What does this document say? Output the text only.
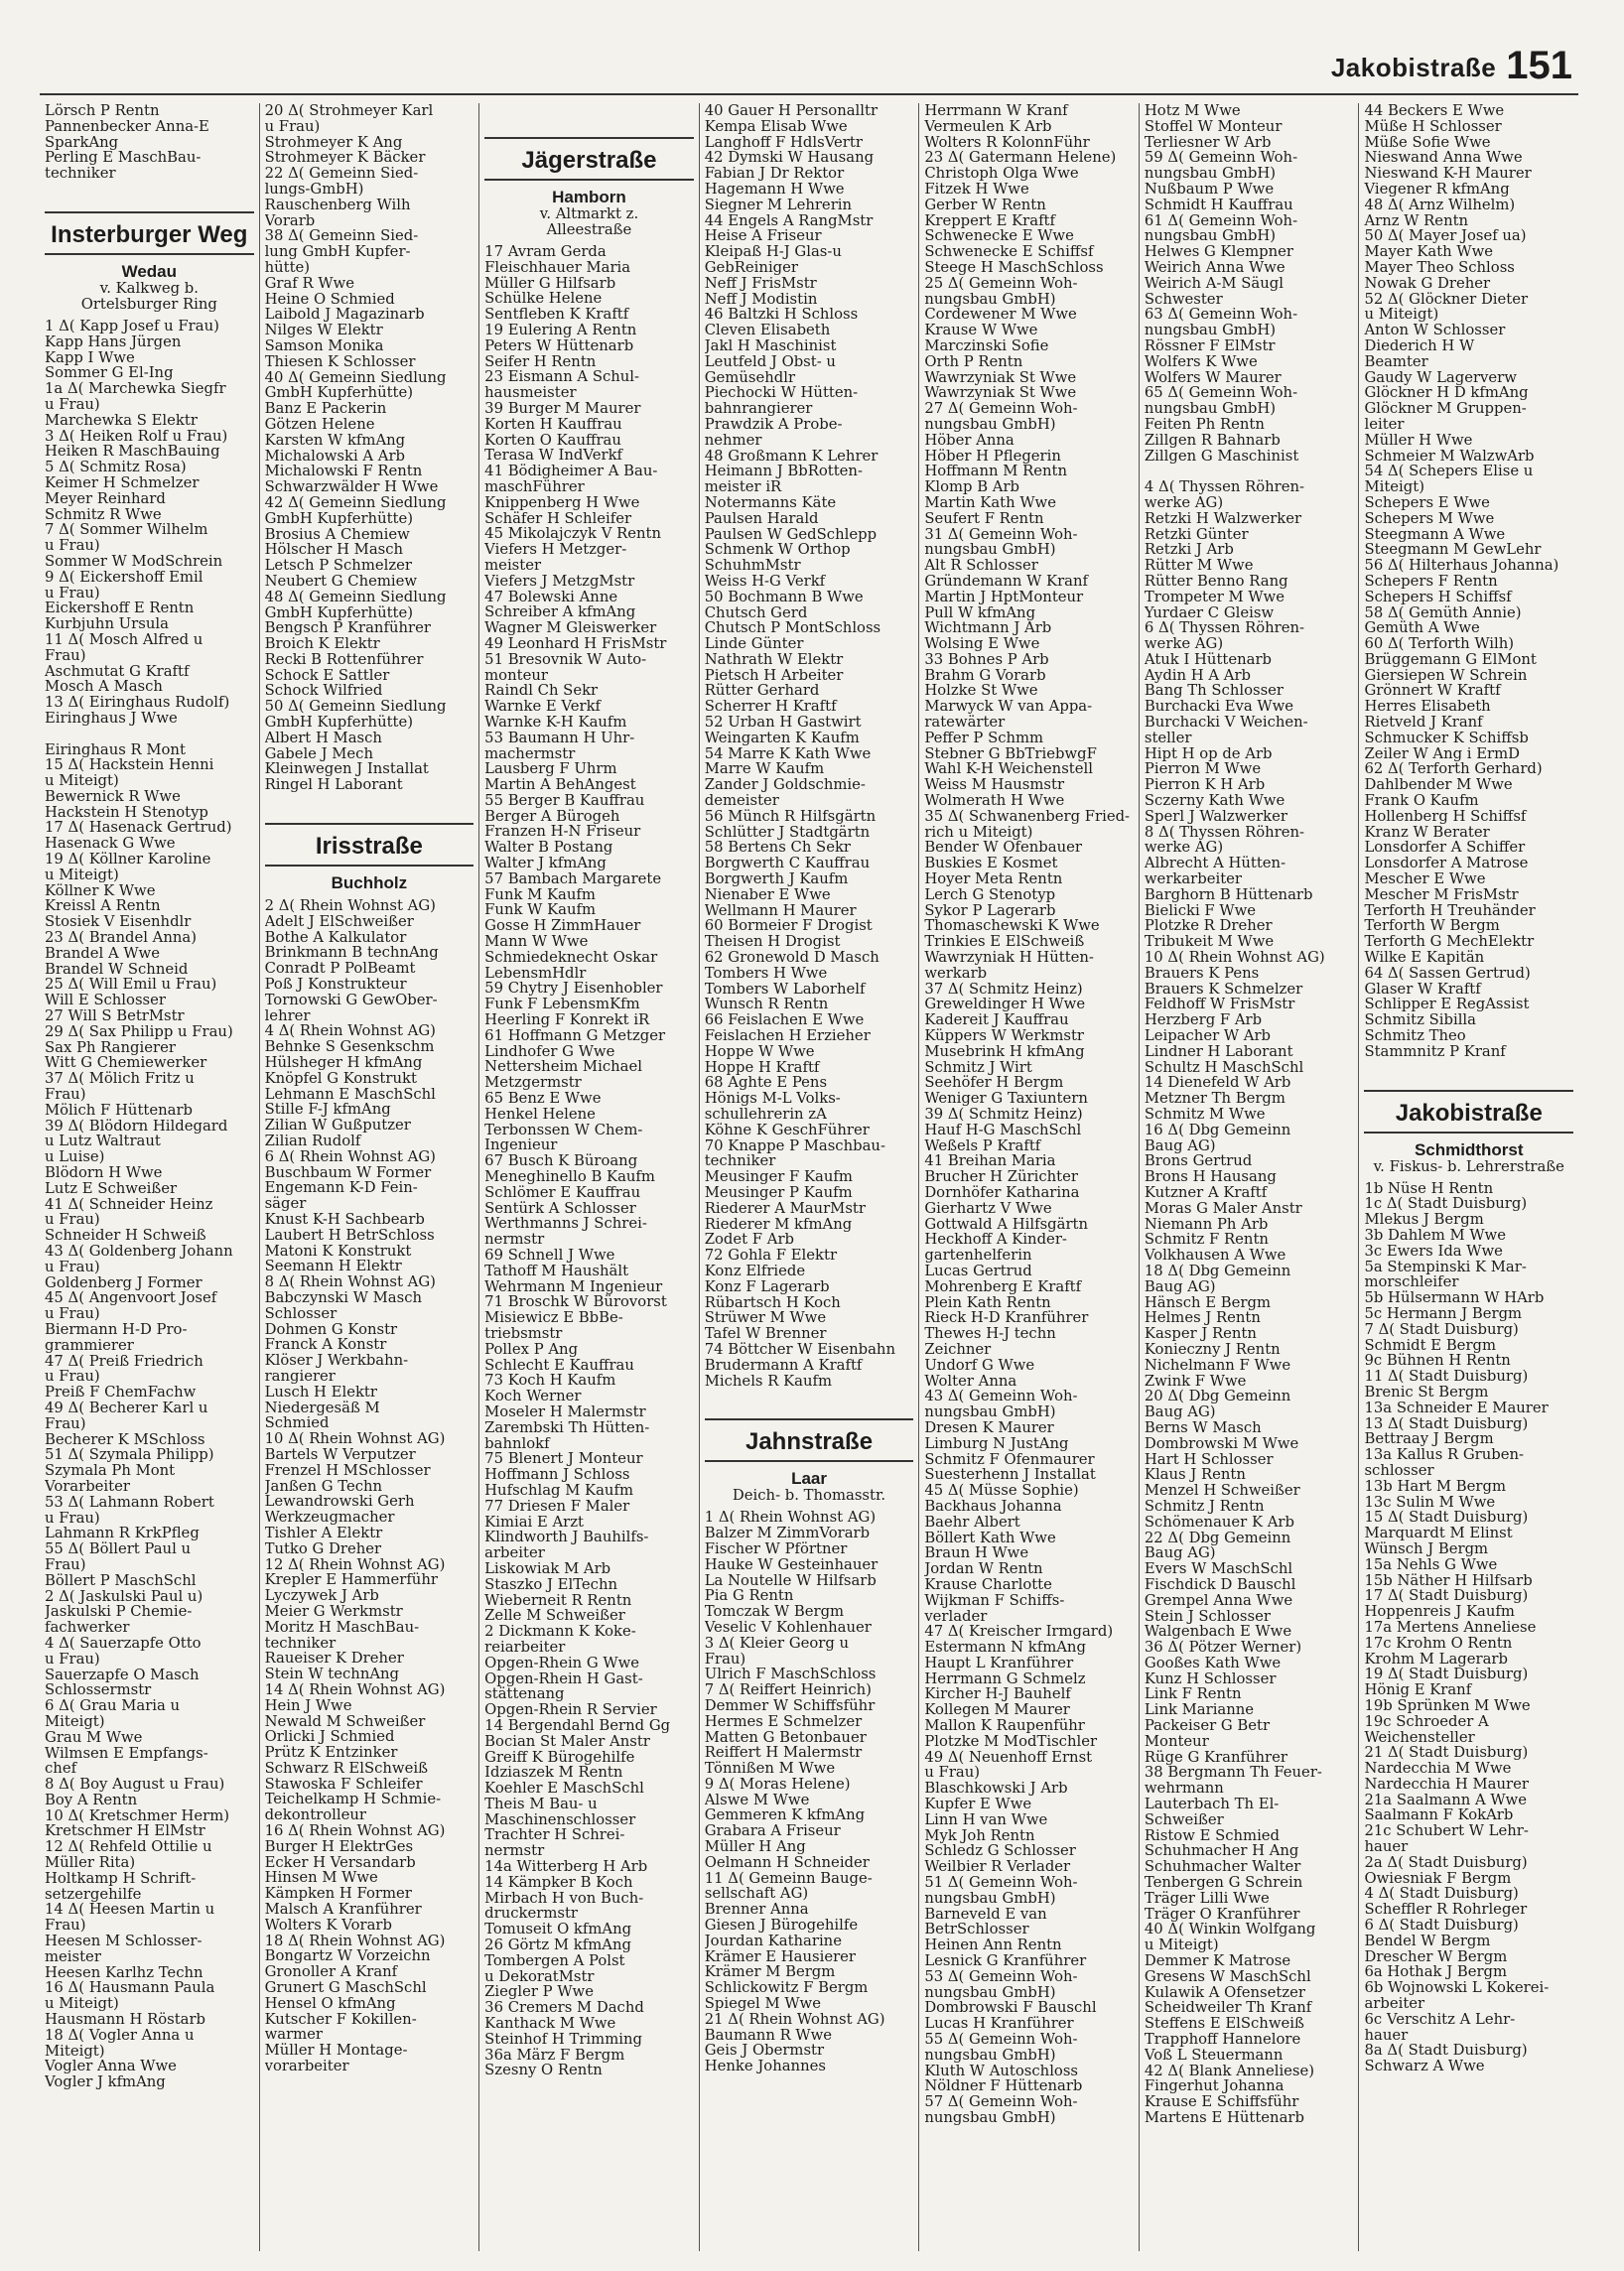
Jakobistraße 151
Lörsch P Rentn
Pannenbecker Anna-E
SparkAng
Perling E MaschBau-
techniker
Insterburger Weg
Wedau
v. Kalkweg b.
Ortelsburger Ring
1 Δ( Kapp Josef u Frau)
Kapp Hans Jürgen
Kapp I Wwe
Sommer G El-Ing
1a Δ( Marchewka Siegfr
u Frau)
Marchewka S Elektr
3 Δ( Heiken Rolf u Frau)
Heiken R MaschBauing
5 Δ( Schmitz Rosa)
Keimer H Schmelzer
Meyer Reinhard
Schmitz R Wwe
7 Δ( Sommer Wilhelm
u Frau)
Sommer W ModSchrein
9 Δ( Eickershoff Emil
u Frau)
Eickershoff E Rentn
Kurbjuhn Ursula
11 Δ( Mosch Alfred u
Frau)
Aschmutat G Kraftf
Mosch A Masch
13 Δ( Eiringhaus Rudolf)
Eiringhaus J Wwe

Eiringhaus R Mont
15 Δ( Hackstein Henni
u Miteigt)
Bewernick R Wwe
Hackstein H Stenotyp
17 Δ( Hasenack Gertrud)
Hasenack G Wwe
19 Δ( Köllner Karoline
u Miteigt)
Köllner K Wwe
Kreissl A Rentn
Stosiek V Eisenhdlr
23 Δ( Brandel Anna)
Brandel A Wwe
Brandel W Schneid
25 Δ( Will Emil u Frau)
Will E Schlosser
27 Will S BetrMstr
29 Δ( Sax Philipp u Frau)
Sax Ph Rangierer
Witt G Chemiewerker
37 Δ( Mölich Fritz u
Frau)
Mölich F Hüttenarb
39 Δ( Blödorn Hildegard
u Lutz Waltraut
u Luise)
Blödorn H Wwe
Lutz E Schweißer
41 Δ( Schneider Heinz
u Frau)
Schneider H Schweiß
43 Δ( Goldenberg Johann
u Frau)
Goldenberg J Former
45 Δ( Angenvoort Josef
u Frau)
Biermann H-D Pro-
grammierer
47 Δ( Preiß Friedrich
u Frau)
Preiß F ChemFachw
49 Δ( Becherer Karl u
Frau)
Becherer K MSchloss
51 Δ( Szymala Philipp)
Szymala Ph Mont
Vorarbeiter
53 Δ( Lahmann Robert
u Frau)
Lahmann R KrkPfleg
55 Δ( Böllert Paul u
Frau)
Böllert P MaschSchl
2 Δ( Jaskulski Paul u)
Jaskulski P Chemie-
fachwerker
4 Δ( Sauerzapfe Otto
u Frau)
Sauerzapfe O Masch
Schlossermstr
6 Δ( Grau Maria u
Miteigt)
Grau M Wwe
Wilmsen E Empfangs-
chef
8 Δ( Boy August u Frau)
Boy A Rentn
10 Δ( Kretschmer Herm)
Kretschmer H ElMstr
12 Δ( Rehfeld Ottilie u
Müller Rita)
Holtkamp H Schrift-
setzergehilfe
14 Δ( Heesen Martin u
Frau)
Heesen M Schlosser-
meister
Heesen Karlhz Techn
16 Δ( Hausmann Paula
u Miteigt)
Hausmann H Röstarb
18 Δ( Vogler Anna u
Miteigt)
Vogler Anna Wwe
Vogler J kfmAng
20 Δ( Strohmeyer Karl
u Frau)
Strohmeyer K Ang
Strohmeyer K Bäcker
22 Δ( Gemeinn Sied-
lungs-GmbH)
Rauschenberg Wilh
Vorarb
38 Δ( Gemeinn Sied-
lung GmbH Kupfer-
hütte)
Graf R Wwe
Heine O Schmied
Laibold J Magazinarb
Nilges W Elektr
Samson Monika
Thiesen K Schlosser
40 Δ( Gemeinn Siedlung
GmbH Kupferhütte)
Banz E Packerin
Götzen Helene
Karsten W kfmAng
Michalowski A Arb
Michalowski F Rentn
Schwarzwälder H Wwe
42 Δ( Gemeinn Siedlung
GmbH Kupferhütte)
Brosius A Chemiew
Hölscher H Masch
Letsch P Schmelzer
Neubert G Chemiew
48 Δ( Gemeinn Siedlung
GmbH Kupferhütte)
Bengsch P Kranführer
Broich K Elektr
Recki B Rottenführer
Schock E Sattler
Schock Wilfried
50 Δ( Gemeinn Siedlung
GmbH Kupferhütte)
Albert H Masch
Gabele J Mech
Kleinwegen J Installat
Ringel H Laborant
Irisstraße
Buchholz
2 Δ( Rhein Wohnst AG)
Adelt J ElSchweißer
Bothe A Kalkulator
Brinkmann B technAng
Conradt P PolBeamt
Poß J Konstrukteur
Tornowski G GewOber-
lehrer
4 Δ( Rhein Wohnst AG)
Behnke S Gesenkschm
Hülsheger H kfmAng
Knöpfel G Konstrukt
Lehmann E MaschSchl
Stille F-J kfmAng
Zilian W Gußputzer
Zilian Rudolf
6 Δ( Rhein Wohnst AG)
Buschbaum W Former
Engemann K-D Fein-
säger
Knust K-H Sachbearb
Laubert H BetrSchloss
Matoni K Konstrukt
Seemann H Elektr
8 Δ( Rhein Wohnst AG)
Babczynski W Masch
Schlosser
Dohmen G Konstr
Franck A Konstr
Klöser J Werkbahn-
rangierer
Lusch H Elektr
Niedergesäß M
Schmied
10 Δ( Rhein Wohnst AG)
Bartels W Verputzer
Frenzel H MSchlosser
Janßen G Techn
Lewandrowski Gerh
Werkzeugmacher
Tishler A Elektr
Tutko G Dreher
12 Δ( Rhein Wohnst AG)
Krepler E Hammerführ
Lyczywek J Arb
Meier G Werkmstr
Moritz H MaschBau-
techniker
Raueiser K Dreher
Stein W technAng
14 Δ( Rhein Wohnst AG)
Hein J Wwe
Newald M Schweißer
Orlicki J Schmied
Prütz K Entzinker
Schwarz R ElSchweiß
Stawoska F Schleifer
Teichelkamp H Schmie-
dekontrolleur
16 Δ( Rhein Wohnst AG)
Burger H ElektrGes
Ecker H Versandarb
Hinsen M Wwe
Kämpken H Former
Malsch A Kranführer
Wolters K Vorarb
18 Δ( Rhein Wohnst AG)
Bongartz W Vorzeichn
Gronoller A Kranf
Grunert G MaschSchl
Hensel O kfmAng
Kutscher F Kokillen-
warmer
Müller H Montage-
vorarbeiter
Jägerstraße
Hamborn
v. Altmarkt z.
Alleestraße
17 Avram Gerda
Fleischhauer Maria
Müller G Hilfsarb
Schülke Helene
Sentfleben K Kraftf
19 Eulering A Rentn
Peters W Hüttenarb
Seifer H Rentn
23 Eismann A Schul-
hausmeister
39 Burger M Maurer
Korten H Kauffrau
Korten O Kauffrau
Terasa W IndVerkf
41 Bödigheimer A Bau-
maschFührer
Knippenberg H Wwe
Schäfer H Schleifer
45 Mikolajczyk V Rentn
Viefers H Metzger-
meister
Viefers J MetzgMstr
47 Bolewski Anne
Schreiber A kfmAng
Wagner M Gleiswerker
49 Leonhard H FrisMstr
51 Bresovnik W Auto-
monteur
Raindl Ch Sekr
Warnke E Verkf
Warnke K-H Kaufm
53 Baumann H Uhr-
machermstr
Lausberg F Uhrm
Martin A BehAngest
55 Berger B Kauffrau
Berger A Bürogeh
Franzen H-N Friseur
Walter B Postang
Walter J kfmAng
57 Bambach Margarete
Funk M Kaufm
Funk W Kaufm
Gosse H ZimmHauer
Mann W Wwe
Schmiedeknecht Oskar
LebensmHdlr
59 Chytry J Eisenhobler
Funk F LebensmKfm
Heerling F Konrekt iR
61 Hoffmann G Metzger
Lindhofer G Wwe
Nettersheim Michael
Metzgermstr
65 Benz E Wwe
Henkel Helene
Terbonssen W Chem-
Ingenieur
67 Busch K Büroang
Meneghinello B Kaufm
Schlömer E Kauffrau
Sentürk A Schlosser
Werthmanns J Schrei-
nermstr
69 Schnell J Wwe
Tathoff M Haushält
Wehrmann M Ingenieur
71 Broschk W Bürovorst
Misiewicz E BbBe-
triebsmstr
Pollex P Ang
Schlecht E Kauffrau
73 Koch H Kaufm
Koch Werner
Moseler H Malermstr
Zarembski Th Hütten-
bahnlokf
75 Blenert J Monteur
Hoffmann J Schloss
Hufschlag M Kaufm
77 Driesen F Maler
Kimiai E Arzt
Klindworth J Bauhilfs-
arbeiter
Liskowiak M Arb
Staszko J ElTechn
Wieberneit R Rentn
Zelle M Schweißer
2 Dickmann K Koke-
reiarbeiter
Opgen-Rhein G Wwe
Opgen-Rhein H Gast-
stättenang
Opgen-Rhein R Servier
14 Bergendahl Bernd Gg
Bocian St Maler Anstr
Greiff K Bürogehilfe
Idziaszek M Rentn
Koehler E MaschSchl
Theis M Bau- u
Maschinenschlosser
Trachter H Schrei-
nermstr
14a Witterberg H Arb
14 Kämpker B Koch
Mirbach H von Buch-
druckermstr
Tomuseit O kfmAng
26 Görtz M kfmAng
Tombergen A Polst
u DekoratMstr
Ziegler P Wwe
36 Cremers M Dachd
Kanthack M Wwe
Steinhof H Trimming
36a März F Bergm
Szesny O Rentn
40 Gauer H Personalltr
Kempa Elisab Wwe
Langhoff F HdlsVertr
42 Dymski W Hausang
Fabian J Dr Rektor
Hagemann H Wwe
Siegner M Lehrerin
44 Engels A RangMstr
Heise A Friseur
Kleipaß H-J Glas-u
GebReiniger
Neff J FrisMstr
Neff J Modistin
46 Baltzki H Schloss
Cleven Elisabeth
Jakl H Maschinist
Leutfeld J Obst- u
Gemüsehdlr
Piechocki W Hütten-
bahnrangierer
Prawdzik A Probe-
nehmer
48 Großmann K Lehrer
Heimann J BbRotten-
meister iR
Notermanns Käte
Paulsen Harald
Paulsen W GedSchlepp
Schmenk W Orthop
SchuhmMstr
Weiss H-G Verkf
50 Bochmann B Wwe
Chutsch Gerd
Chutsch P MontSchloss
Linde Günter
Nathrath W Elektr
Pietsch H Arbeiter
Rütter Gerhard
Scherrer H Kraftf
52 Urban H Gastwirt
Weingarten K Kaufm
54 Marre K Kath Wwe
Marre W Kaufm
Zander J Goldschmie-
demeister
56 Münch R Hilfsgärtn
Schlütter J Stadtgärtn
58 Bertens Ch Sekr
Borgwerth C Kauffrau
Borgwerth J Kaufm
Nienaber E Wwe
Wellmann H Maurer
60 Bormeier F Drogist
Theisen H Drogist
62 Gronewold D Masch
Tombers H Wwe
Tombers W Laborhelf
Wunsch R Rentn
66 Feislachen E Wwe
Feislachen H Erzieher
Hoppe W Wwe
Hoppe H Kraftf
68 Aghte E Pens
Hönigs M-L Volks-
schullehrerin zA
Köhne K GeschFührer
70 Knappe P Maschbau-
techniker
Meusinger F Kaufm
Meusinger P Kaufm
Riederer A MaurMstr
Riederer M kfmAng
Zodet F Arb
72 Gohla F Elektr
Konz Elfriede
Konz F Lagerarb
Rübartsch H Koch
Strüwer M Wwe
Tafel W Brenner
74 Böttcher W Eisenbahn
Brudermann A Kraftf
Michels R Kaufm
Jahnstraße
Laar
Deich- b. Thomasstr.
1 Δ( Rhein Wohnst AG)
Balzer M ZimmVorarb
Fischer W Pförtner
Hauke W Gesteinhauer
La Noutelle W Hilfsarb
Pia G Rentn
Tomczak W Bergm
Veselic V Kohlenhauer
3 Δ( Kleier Georg u
Frau)
Ulrich F MaschSchloss
7 Δ( Reiffert Heinrich)
Demmer W Schiffsführ
Hermes E Schmelzer
Matten G Betonbauer
Reiffert H Malermstr
Tönnißen M Wwe
9 Δ( Moras Helene)
Alswe M Wwe
Gemmeren K kfmAng
Grabara A Friseur
Müller H Ang
Oelmann H Schneider
11 Δ( Gemeinn Bauge-
sellschaft AG)
Brenner Anna
Giesen J Bürogehilfe
Jourdan Katharine
Krämer E Hausierer
Krämer M Bergm
Schlickowitz F Bergm
Spiegel M Wwe
21 Δ( Rhein Wohnst AG)
Baumann R Wwe
Geis J Obermstr
Henke Johannes
Herrmann W Kranf
Vermeulen K Arb
Wolters R KolonnFühr
23 Δ( Gatermann Helene)
Christoph Olga Wwe
Fitzek H Wwe
Gerber W Rentn
Kreppert E Kraftf
Schwenecke E Wwe
Schwenecke E Schiffsf
Steege H MaschSchloss
25 Δ( Gemeinn Woh-
nungsbau GmbH)
Cordewener M Wwe
Krause W Wwe
Marczinski Sofie
Orth P Rentn
Wawrzyniak St Wwe
Wawrzyniak St Wwe
27 Δ( Gemeinn Woh-
nungsbau GmbH)
Höber Anna
Höber H Pflegerin
Hoffmann M Rentn
Klomp B Arb
Martin Kath Wwe
Seufert F Rentn
31 Δ( Gemeinn Woh-
nungsbau GmbH)
Alt R Schlosser
Gründemann W Kranf
Martin J HptMonteur
Pull W kfmAng
Wichtmann J Arb
Wolsing E Wwe
33 Bohnes P Arb
Brahm G Vorarb
Holzke St Wwe
Marwyck W van Appa-
ratewärter
Peffer P Schmm
Stebner G BbTriebwgF
Wahl K-H Weichenstell
Weiss M Hausmstr
Wolmerath H Wwe
35 Δ( Schwanenberg Fried-
rich u Miteigt)
Bender W Ofenbauer
Buskies E Kosmet
Hoyer Meta Rentn
Lerch G Stenotyp
Sykor P Lagerarb
Thomaschewski K Wwe
Trinkies E ElSchweiß
Wawrzyniak H Hütten-
werkarb
37 Δ( Schmitz Heinz)
Greweldinger H Wwe
Kadereit J Kauffrau
Küppers W Werkmstr
Musebrink H kfmAng
Schmitz J Wirt
Seehöfer H Bergm
Weniger G Taxiuntern
39 Δ( Schmitz Heinz)
Hauf H-G MaschSchl
Weßels P Kraftf
41 Breihan Maria
Brucher H Zürichter
Dornhöfer Katharina
Gierhartz V Wwe
Gottwald A Hilfsgärtn
Heckhoff A Kinder-
gartenhelferin
Lucas Gertrud
Mohrenberg E Kraftf
Plein Kath Rentn
Rieck H-D Kranführer
Thewes H-J techn
Zeichner
Undorf G Wwe
Wolter Anna
43 Δ( Gemeinn Woh-
nungsbau GmbH)
Dresen K Maurer
Limburg N JustAng
Schmitz F Ofenmaurer
Suesterhenn J Installat
45 Δ( Müsse Sophie)
Backhaus Johanna
Baehr Albert
Böllert Kath Wwe
Braun H Wwe
Jordan W Rentn
Krause Charlotte
Wijkman F Schiffs-
verlader
47 Δ( Kreischer Irmgard)
Estermann N kfmAng
Haupt L Kranführer
Herrmann G Schmelz
Kircher H-J Bauhelf
Kollegen M Maurer
Mallon K Raupenführ
Plotzke M ModTischler
49 Δ( Neuenhoff Ernst
u Frau)
Blaschkowski J Arb
Kupfer E Wwe
Linn H van Wwe
Myk Joh Rentn
Schledz G Schlosser
Weilbier R Verlader
51 Δ( Gemeinn Woh-
nungsbau GmbH)
Barneveld E van
BetrSchlosser
Heinen Ann Rentn
Lesnick G Kranführer
53 Δ( Gemeinn Woh-
nungsbau GmbH)
Dombrowski F Bauschl
Lucas H Kranführer
55 Δ( Gemeinn Woh-
nungsbau GmbH)
Kluth W Autoschloss
Nöldner F Hüttenarb
57 Δ( Gemeinn Woh-
nungsbau GmbH)
Hotz M Wwe
Stoffel W Monteur
Terliesner W Arb
59 Δ( Gemeinn Woh-
nungsbau GmbH)
Nußbaum P Wwe
Schmidt H Kauffrau
61 Δ( Gemeinn Woh-
nungsbau GmbH)
Helwes G Klempner
Weirich Anna Wwe
Weirich A-M Säugl
Schwester
63 Δ( Gemeinn Woh-
nungsbau GmbH)
Rössner F ElMstr
Wolfers K Wwe
Wolfers W Maurer
65 Δ( Gemeinn Woh-
nungsbau GmbH)
Feiten Ph Rentn
Zillgen R Bahnarb
Zillgen G Maschinist

4 Δ( Thyssen Röhren-
werke AG)
Retzki H Walzwerker
Retzki Günter
Retzki J Arb
Rütter M Wwe
Rütter Benno Rang
Trompeter M Wwe
Yurdaer C Gleisw
6 Δ( Thyssen Röhren-
werke AG)
Atuk I Hüttenarb
Aydin H A Arb
Bang Th Schlosser
Burchacki Eva Wwe
Burchacki V Weichen-
steller
Hipt H op de Arb
Pierron M Wwe
Pierron K H Arb
Sczerny Kath Wwe
Sperl J Walzwerker
8 Δ( Thyssen Röhren-
werke AG)
Albrecht A Hütten-
werkarbeiter
Barghorn B Hüttenarb
Bielicki F Wwe
Plotzke R Dreher
Tribukeit M Wwe
10 Δ( Rhein Wohnst AG)
Brauers K Pens
Brauers K Schmelzer
Feldhoff W FrisMstr
Herzberg F Arb
Leipacher W Arb
Lindner H Laborant
Schultz H MaschSchl
14 Dienefeld W Arb
Metzner Th Bergm
Schmitz M Wwe
16 Δ( Dbg Gemeinn
Baug AG)
Brons Gertrud
Brons H Hausang
Kutzner A Kraftf
Moras G Maler Anstr
Niemann Ph Arb
Schmitz F Rentn
Volkhausen A Wwe
18 Δ( Dbg Gemeinn
Baug AG)
Hänsch E Bergm
Helmes J Rentn
Kasper J Rentn
Konieczny J Rentn
Nichelmann F Wwe
Zwink F Wwe
20 Δ( Dbg Gemeinn
Baug AG)
Berns W Masch
Dombrowski M Wwe
Hart H Schlosser
Klaus J Rentn
Menzel H Schweißer
Schmitz J Rentn
Schömenauer K Arb
22 Δ( Dbg Gemeinn
Baug AG)
Evers W MaschSchl
Fischdick D Bauschl
Grempel Anna Wwe
Stein J Schlosser
Walgenbach E Wwe
36 Δ( Pötzer Werner)
Gooßes Kath Wwe
Kunz H Schlosser
Link F Rentn
Link Marianne
Packeiser G Betr
Monteur
Rüge G Kranführer
38 Bergmann Th Feuer-
wehrmann
Lauterbach Th El-
Schweißer
Ristow E Schmied
Schuhmacher H Ang
Schuhmacher Walter
Tenbergen G Schrein
Träger Lilli Wwe
Träger O Kranführer
40 Δ( Winkin Wolfgang
u Miteigt)
Demmer K Matrose
Gresens W MaschSchl
Kulawik A Ofensetzer
Scheidweiler Th Kranf
Steffens E ElSchweiß
Trapphoff Hannelore
Voß L Steuermann
42 Δ( Blank Anneliese)
Fingerhut Johanna
Krause E Schiffsführ
Martens E Hüttenarb
44 Beckers E Wwe
Müße H Schlosser
Müße Sofie Wwe
Nieswand Anna Wwe
Nieswand K-H Maurer
Viegener R kfmAng
48 Δ( Arnz Wilhelm)
Arnz W Rentn
50 Δ( Mayer Josef ua)
Mayer Kath Wwe
Mayer Theo Schloss
Nowak G Dreher
52 Δ( Glöckner Dieter
u Miteigt)
Anton W Schlosser
Diederich H W
Beamter
Gaudy W Lagerverw
Glöckner H D kfmAng
Glöckner M Gruppen-
leiter
Müller H Wwe
Schmeier M WalzwArb
54 Δ( Schepers Elise u
Miteigt)
Schepers E Wwe
Schepers M Wwe
Steegmann A Wwe
Steegmann M GewLehr
56 Δ( Hilterhaus Johanna)
Schepers F Rentn
Schepers H Schiffsf
58 Δ( Gemüth Annie)
Gemüth A Wwe
60 Δ( Terforth Wilh)
Brüggemann G ElMont
Giersiepen W Schrein
Grönnert W Kraftf
Herres Elisabeth
Rietveld J Kranf
Schmucker K Schiffsb
Zeiler W Ang i ErmD
62 Δ( Terforth Gerhard)
Dahlbender M Wwe
Frank O Kaufm
Hollenberg H Schiffsf
Kranz W Berater
Lonsdorfer A Schiffer
Lonsdorfer A Matrose
Mescher E Wwe
Mescher M FrisMstr
Terforth H Treuhänder
Terforth W Bergm
Terforth G MechElektr
Wilke E Kapitän
64 Δ( Sassen Gertrud)
Glaser W Kraftf
Schlipper E RegAssist
Schmitz Sibilla
Schmitz Theo
Stammnitz P Kranf
Jakobistraße
Schmidthorst
v. Fiskus- b. Lehrerstraße
1b Nüse H Rentn
1c Δ( Stadt Duisburg)
Mlekus J Bergm
3b Dahlem M Wwe
3c Ewers Ida Wwe
5a Stempinski K Mar-
morschleifer
5b Hülsermann W HArb
5c Hermann J Bergm
7 Δ( Stadt Duisburg)
Schmidt E Bergm
9c Bühnen H Rentn
11 Δ( Stadt Duisburg)
Brenic St Bergm
13a Schneider E Maurer
13 Δ( Stadt Duisburg)
Bettraay J Bergm
13a Kallus R Gruben-
schlosser
13b Hart M Bergm
13c Sulin M Wwe
15 Δ( Stadt Duisburg)
Marquardt M Elinst
Wünsch J Bergm
15a Nehls G Wwe
15b Näther H Hilfsarb
17 Δ( Stadt Duisburg)
Hoppenreis J Kaufm
17a Mertens Anneliese
17c Krohm O Rentn
Krohm M Lagerarb
19 Δ( Stadt Duisburg)
Hönig E Kranf
19b Sprünken M Wwe
19c Schroeder A
Weichensteller
21 Δ( Stadt Duisburg)
Nardecchia M Wwe
Nardecchia H Maurer
21a Saalmann A Wwe
Saalmann F KokArb
21c Schubert W Lehr-
hauer
2a Δ( Stadt Duisburg)
Owiesniak F Bergm
4 Δ( Stadt Duisburg)
Scheffler R Rohrleger
6 Δ( Stadt Duisburg)
Bendel W Bergm
Drescher W Bergm
6a Hothak J Bergm
6b Wojnowski L Kokerei-
arbeiter
6c Verschitz A Lehr-
hauer
8a Δ( Stadt Duisburg)
Schwarz A Wwe
